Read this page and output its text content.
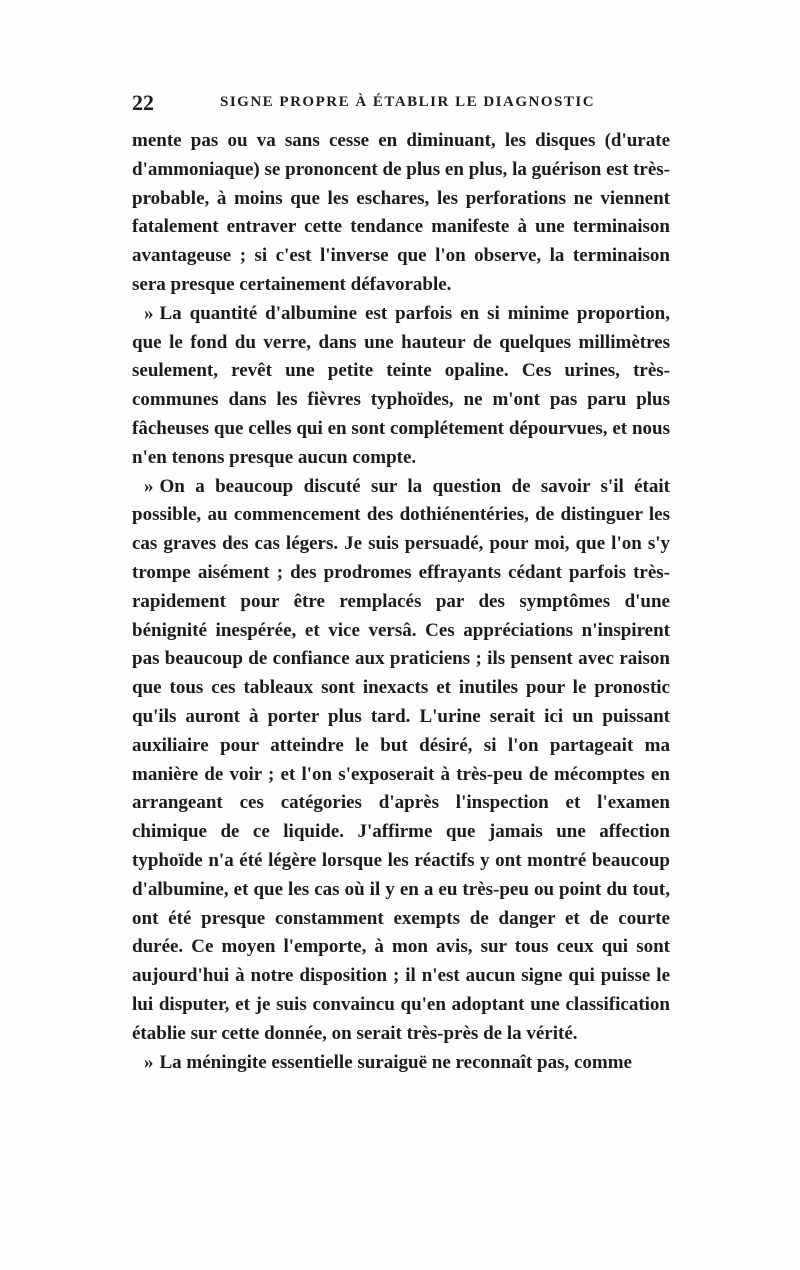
22	SIGNE PROPRE À ÉTABLIR LE DIAGNOSTIC

mente pas ou va sans cesse en diminuant, les disques (d'urate d'ammoniaque) se prononcent de plus en plus, la guérison est très-probable, à moins que les eschares, les perforations ne viennent fatalement entraver cette tendance manifeste à une terminaison avantageuse ; si c'est l'inverse que l'on observe, la terminaison sera presque certainement défavorable.

» La quantité d'albumine est parfois en si minime proportion, que le fond du verre, dans une hauteur de quelques millimètres seulement, revêt une petite teinte opaline. Ces urines, très-communes dans les fièvres typhoïdes, ne m'ont pas paru plus fâcheuses que celles qui en sont complétement dépourvues, et nous n'en tenons presque aucun compte.

» On a beaucoup discuté sur la question de savoir s'il était possible, au commencement des dothiénentéries, de distinguer les cas graves des cas légers. Je suis persuadé, pour moi, que l'on s'y trompe aisément ; des prodromes effrayants cédant parfois très-rapidement pour être remplacés par des symptômes d'une bénignité inespérée, et vice versâ. Ces appréciations n'inspirent pas beaucoup de confiance aux praticiens ; ils pensent avec raison que tous ces tableaux sont inexacts et inutiles pour le pronostic qu'ils auront à porter plus tard. L'urine serait ici un puissant auxiliaire pour atteindre le but désiré, si l'on partageait ma manière de voir ; et l'on s'exposerait à très-peu de mécomptes en arrangeant ces catégories d'après l'inspection et l'examen chimique de ce liquide. J'affirme que jamais une affection typhoïde n'a été légère lorsque les réactifs y ont montré beaucoup d'albumine, et que les cas où il y en a eu très-peu ou point du tout, ont été presque constamment exempts de danger et de courte durée. Ce moyen l'emporte, à mon avis, sur tous ceux qui sont aujourd'hui à notre disposition ; il n'est aucun signe qui puisse le lui disputer, et je suis convaincu qu'en adoptant une classification établie sur cette donnée, on serait très-près de la vérité.

» La méningite essentielle suraiguë ne reconnaît pas, comme
